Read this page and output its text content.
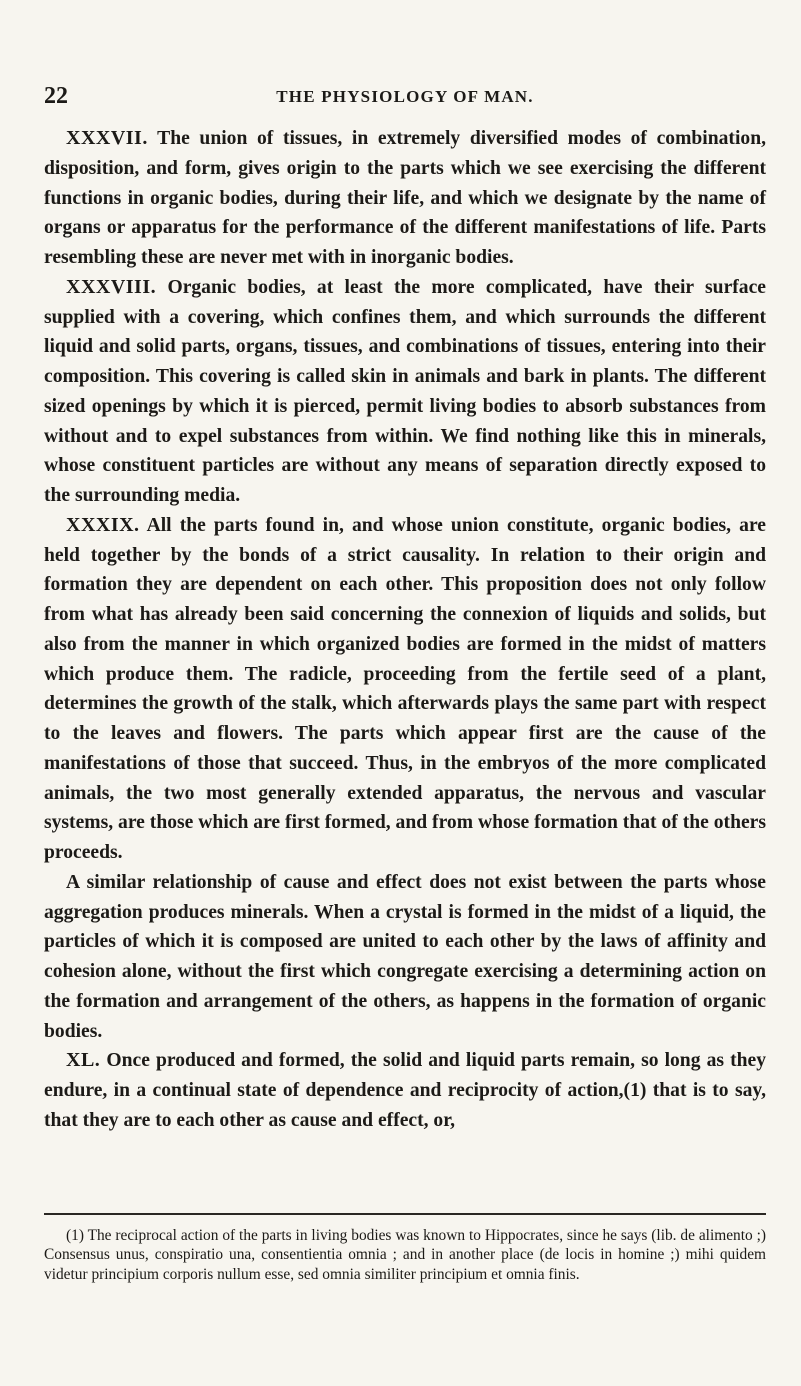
22	THE PHYSIOLOGY OF MAN.

XXXVII. The union of tissues, in extremely diversified modes of combination, disposition, and form, gives origin to the parts which we see exercising the different functions in organic bodies, during their life, and which we designate by the name of organs or apparatus for the performance of the different manifestations of life. Parts resembling these are never met with in inorganic bodies.

XXXVIII. Organic bodies, at least the more complicated, have their surface supplied with a covering, which confines them, and which surrounds the different liquid and solid parts, organs, tissues, and combinations of tissues, entering into their composition. This covering is called skin in animals and bark in plants. The different sized openings by which it is pierced, permit living bodies to absorb substances from without and to expel substances from within. We find nothing like this in minerals, whose constituent particles are without any means of separation directly exposed to the surrounding media.

XXXIX. All the parts found in, and whose union constitute, organic bodies, are held together by the bonds of a strict causality. In relation to their origin and formation they are dependent on each other. This proposition does not only follow from what has already been said concerning the connexion of liquids and solids, but also from the manner in which organized bodies are formed in the midst of matters which produce them. The radicle, proceeding from the fertile seed of a plant, determines the growth of the stalk, which afterwards plays the same part with respect to the leaves and flowers. The parts which appear first are the cause of the manifestations of those that succeed. Thus, in the embryos of the more complicated animals, the two most generally extended apparatus, the nervous and vascular systems, are those which are first formed, and from whose formation that of the others proceeds.

A similar relationship of cause and effect does not exist between the parts whose aggregation produces minerals. When a crystal is formed in the midst of a liquid, the particles of which it is composed are united to each other by the laws of affinity and cohesion alone, without the first which congregate exercising a determining action on the formation and arrangement of the others, as happens in the formation of organic bodies.

XL. Once produced and formed, the solid and liquid parts remain, so long as they endure, in a continual state of dependence and reciprocity of action,(1) that is to say, that they are to each other as cause and effect, or,

(1) The reciprocal action of the parts in living bodies was known to Hippocrates, since he says (lib. de alimento ;) Consensus unus, conspiratio una, consentientia omnia ; and in another place (de locis in homine ;) mihi quidem videtur principium corporis nullum esse, sed omnia similiter principium et omnia finis.
